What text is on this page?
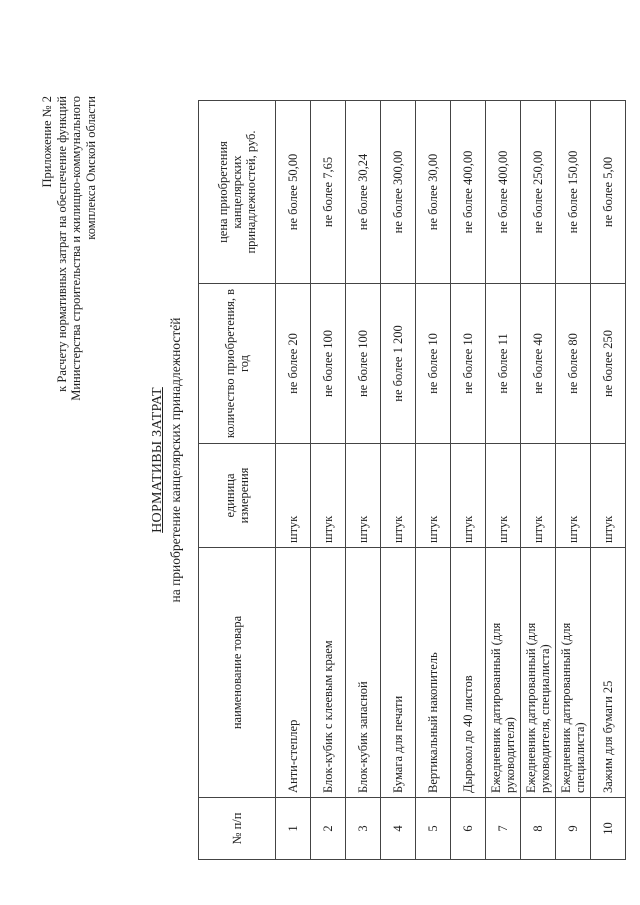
Приложение № 2 к Расчету нормативных затрат на обеспечение функций Министерства строительства и жилищно-коммунального комплекса Омской области
НОРМАТИВЫ ЗАТРАТ на приобретение канцелярских принадлежностей
№ п/п	наименование товара	единица измерения	количество приобретения, в год	цена приобретения канцелярских принадлежностей, руб.
1	Анти-степлер	штук	не более 20	не более 50,00
2	Блок-кубик с клеевым краем	штук	не более 100	не более 7,65
3	Блок-кубик запасной	штук	не более 100	не более 30,24
4	Бумага для печати	штук	не более 1 200	не более 300,00
5	Вертикальный накопитель	штук	не более 10	не более 30,00
6	Дырокол до 40 листов	штук	не более 10	не более 400,00
7	Ежедневник датированный (для руководителя)	штук	не более 11	не более 400,00
8	Ежедневник датированный (для руководителя, специалиста)	штук	не более 40	не более 250,00
9	Ежедневник датированный (для специалиста)	штук	не более 80	не более 150,00
10	Зажим для бумаги 25	штук	не более 250	не более 5,00
